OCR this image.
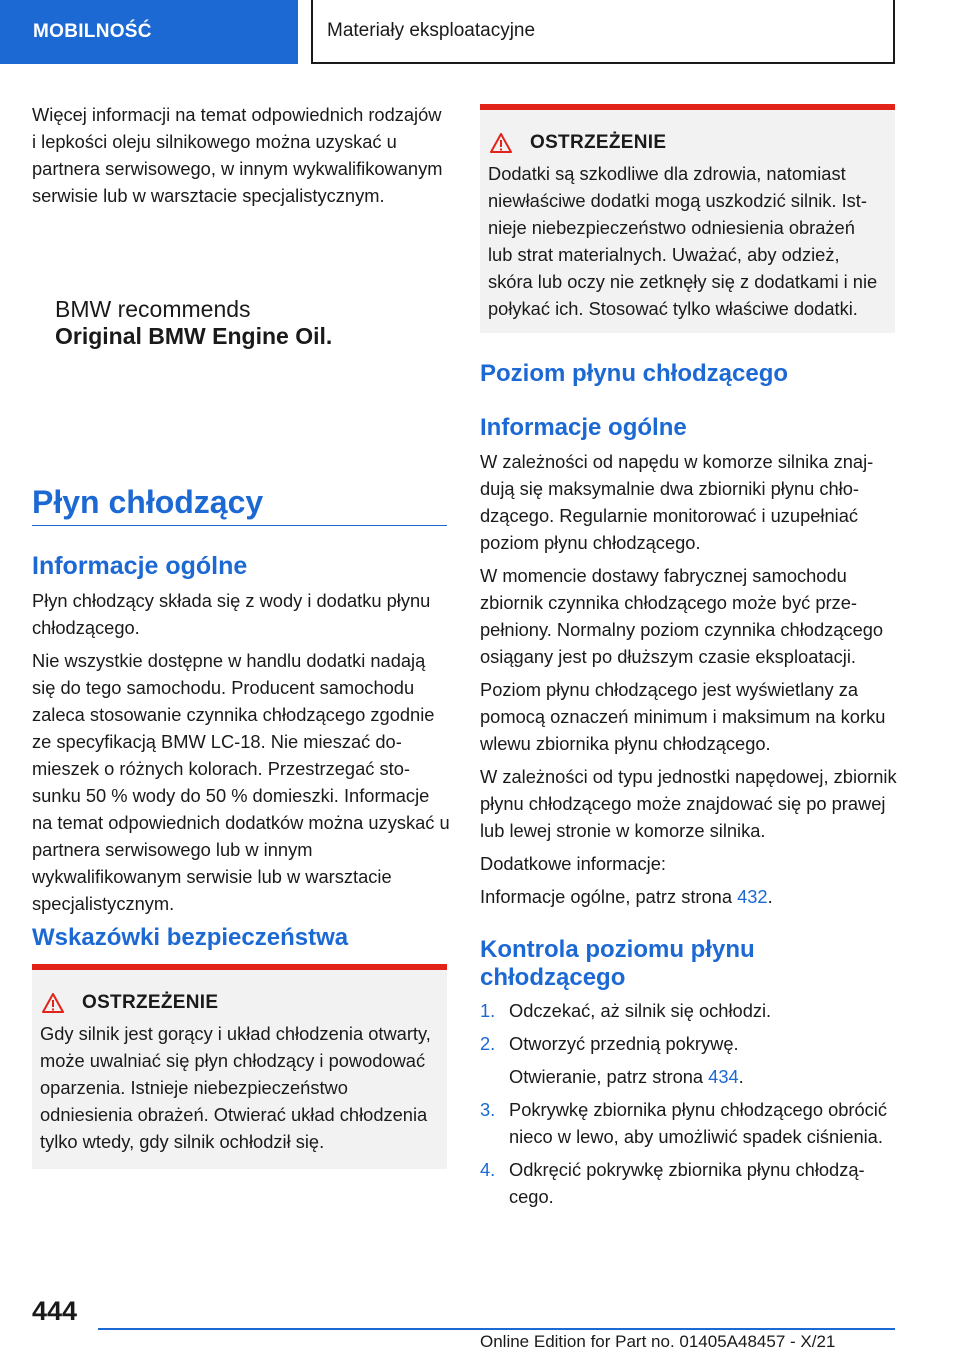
MOBILNOŚĆ	Materiały eksploatacyjne

Więcej informacji na temat odpowiednich rodzajów i lepkości oleju silnikowego można uzyskać u partnera serwisowego, w innym wykwalifikowanym serwisie lub w warsztacie specjalistycznym.

BMW recommends
Original BMW Engine Oil.
Płyn chłodzący
Informacje ogólne

Płyn chłodzący składa się z wody i dodatku płynu chłodzącego.

Nie wszystkie dostępne w handlu dodatki nadają się do tego samochodu. Producent samochodu zaleca stosowanie czynnika chłodzącego zgodnie ze specyfikacją BMW LC-18. Nie mieszać domieszek o różnych kolorach. Przestrzegać stosunku 50 % wody do 50 % domieszki. Informacje na temat odpowiednich dodatków można uzyskać u partnera serwisowego lub w innym wykwalifikowanym serwisie lub w warsztacie specjalistycznym.

Wskazówki bezpieczeństwa
OSTRZEŻENIE

Gdy silnik jest gorący i układ chłodzenia otwarty, może uwalniać się płyn chłodzący i powodować oparzenia. Istnieje niebezpieczeństwo odniesienia obrażeń. Otwierać układ chłodzenia tylko wtedy, gdy silnik ochłodził się.

OSTRZEŻENIE

Dodatki są szkodliwe dla zdrowia, natomiast niewłaściwe dodatki mogą uszkodzić silnik. Istnieje niebezpieczeństwo odniesienia obrażeń lub strat materialnych. Uważać, aby odzież, skóra lub oczy nie zetknęły się z dodatkami i nie połykać ich. Stosować tylko właściwe dodatki.

Poziom płynu chłodzącego
Informacje ogólne

W zależności od napędu w komorze silnika znajdują się maksymalnie dwa zbiorniki płynu chłodzącego. Regularnie monitorować i uzupełniać poziom płynu chłodzącego.

W momencie dostawy fabrycznej samochodu zbiornik czynnika chłodzącego może być przepełniony. Normalny poziom czynnika chłodzącego osiągany jest po dłuższym czasie eksploatacji.

Poziom płynu chłodzącego jest wyświetlany za pomocą oznaczeń minimum i maksimum na korku wlewu zbiornika płynu chłodzącego.

W zależności od typu jednostki napędowej, zbiornik płynu chłodzącego może znajdować się po prawej lub lewej stronie w komorze silnika.

Dodatkowe informacje:

Informacje ogólne, patrz strona 432.

Kontrola poziomu płynu chłodzącego
1. Odczekać, aż silnik się ochłodzi.
2. Otworzyć przednią pokrywę.
Otwieranie, patrz strona 434.
3. Pokrywkę zbiornika płynu chłodzącego obrócić nieco w lewo, aby umożliwić spadek ciśnienia.
4. Odkręcić pokrywkę zbiornika płynu chłodzącego.
444
Online Edition for Part no. 01405A48457 - X/21
